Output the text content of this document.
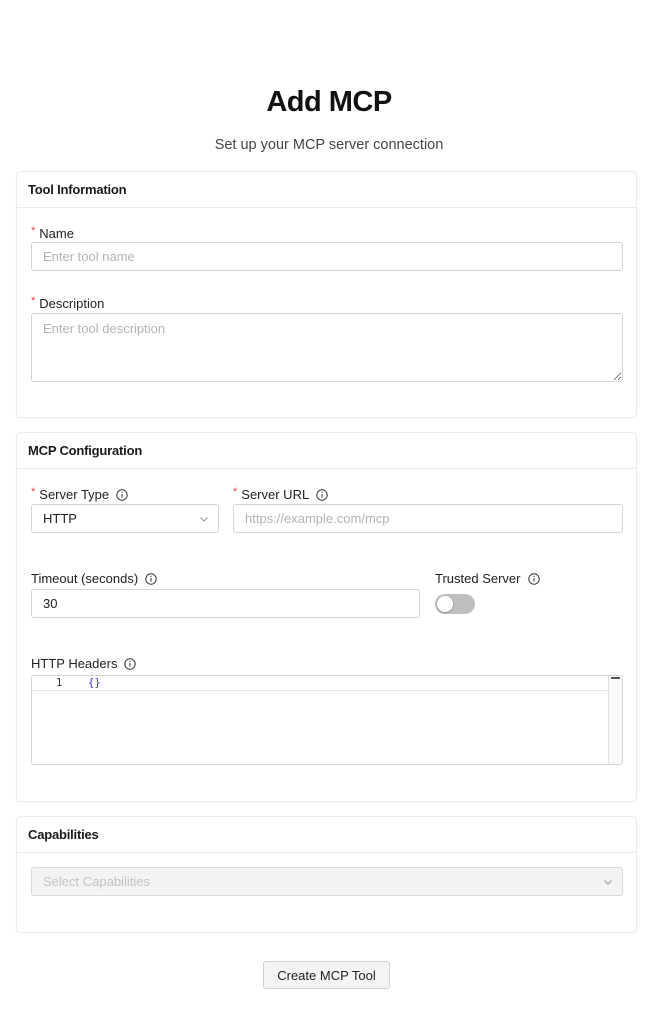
Add MCP
Set up your MCP server connection
Tool Information
* Name
Enter tool name
* Description
Enter tool description
MCP Configuration
* Server Type
HTTP
* Server URL
https://example.com/mcp
Timeout (seconds)
30	Trusted Server
HTTP Headers
1 {}
Capabilities
Select Capabilities
Create MCP Tool
